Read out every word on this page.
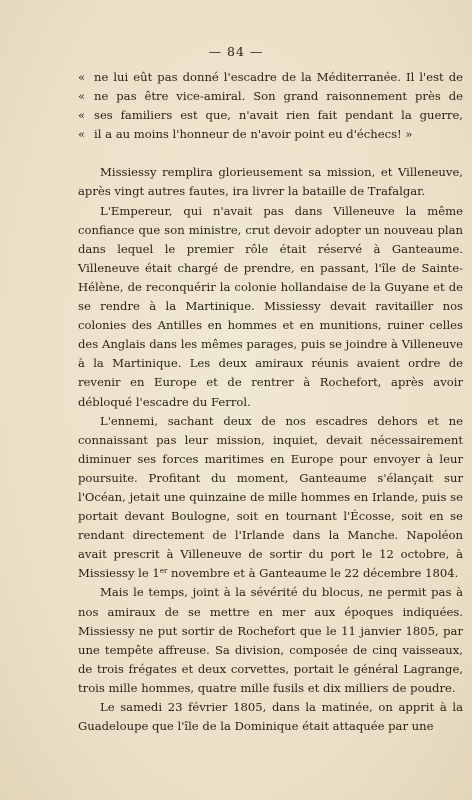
— 84 —
« ne lui eût pas donné l'escadre de la Méditerranée. Il l'est de
« ne pas être vice-amiral. Son grand raisonnement près de
« ses familiers est que, n'avait rien fait pendant la guerre,
« il a au moins l'honneur de n'avoir point eu d'échecs! »

Missiessy remplira glorieusement sa mission, et Villeneuve, après vingt autres fautes, ira livrer la bataille de Trafalgar.

L'Empereur, qui n'avait pas dans Villeneuve la même confiance que son ministre, crut devoir adopter un nouveau plan dans lequel le premier rôle était réservé à Ganteaume. Villeneuve était chargé de prendre, en passant, l'île de Sainte-Hélène, de reconquérir la colonie hollandaise de la Guyane et de se rendre à la Martinique. Missiessy devait ravitailler nos colonies des Antilles en hommes et en munitions, ruiner celles des Anglais dans les mêmes parages, puis se joindre à Villeneuve à la Martinique. Les deux amiraux réunis avaient ordre de revenir en Europe et de rentrer à Rochefort, après avoir débloqué l'escadre du Ferrol.

L'ennemi, sachant deux de nos escadres dehors et ne connaissant pas leur mission, inquiet, devait nécessairement diminuer ses forces maritimes en Europe pour envoyer à leur poursuite. Profitant du moment, Ganteaume s'élançait sur l'Océan, jetait une quinzaine de mille hommes en Irlande, puis se portait devant Boulogne, soit en tournant l'Écosse, soit en se rendant directement de l'Irlande dans la Manche. Napoléon avait prescrit à Villeneuve de sortir du port le 12 octobre, à Missiessy le 1er novembre et à Ganteaume le 22 décembre 1804.

Mais le temps, joint à la sévérité du blocus, ne permit pas à nos amiraux de se mettre en mer aux époques indiquées. Missiessy ne put sortir de Rochefort que le 11 janvier 1805, par une tempête affreuse. Sa division, composée de cinq vaisseaux, de trois frégates et deux corvettes, portait le général Lagrange, trois mille hommes, quatre mille fusils et dix milliers de poudre.

Le samedi 23 février 1805, dans la matinée, on apprit à la Guadeloupe que l'île de la Dominique était attaquée par une
